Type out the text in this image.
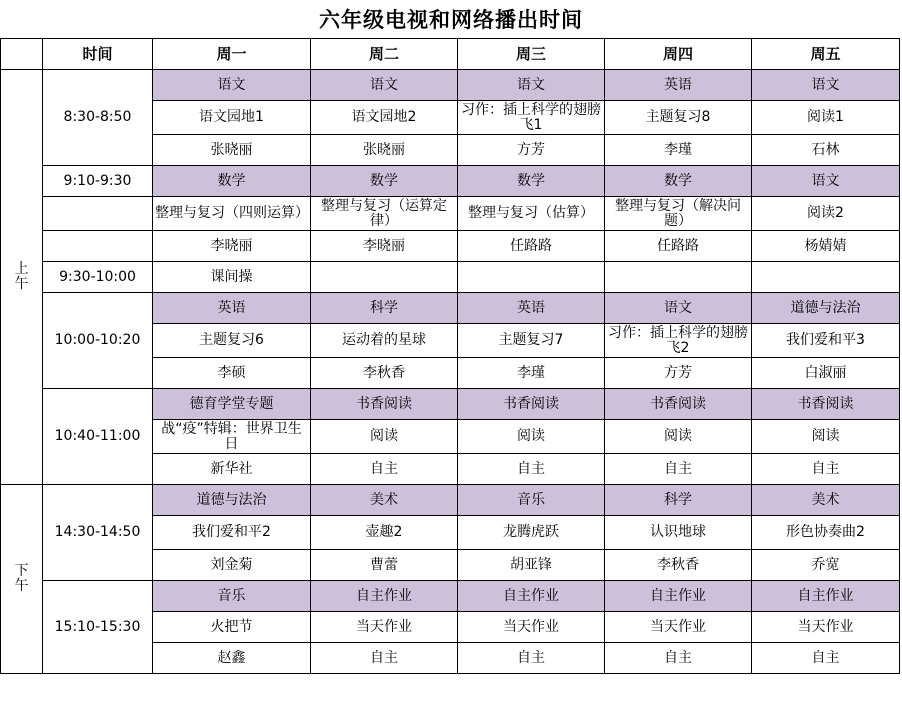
六年级电视和网络播出时间
	时间	周一	周二	周三	周四	周五

上
午	8:30-8:50	语文	语文	语文	英语	语文
		语文园地1	语文园地2	习作：插上科学的翅膀飞1	主题复习8	阅读1
		张晓丽	张晓丽	方芳	李瑾	石林
	9:10-9:30	数学	数学	数学	数学	语文
		整理与复习（四则运算）	整理与复习（运算定律）	整理与复习（估算）	整理与复习（解决问题）	阅读2
		李晓丽	李晓丽	任路路	任路路	杨婧婧
	9:30-10:00	课间操				
	10:00-10:20	英语	科学	英语	语文	道德与法治
		主题复习6	运动着的星球	主题复习7	习作：插上科学的翅膀飞2	我们爱和平3
		李硕	李秋香	李瑾	方芳	白淑丽
	10:40-11:00	德育学堂专题	书香阅读	书香阅读	书香阅读	书香阅读
		战“疫”特辑：世界卫生日	阅读	阅读	阅读	阅读
		新华社	自主	自主	自主	自主

下
午	14:30-14:50	道德与法治	美术	音乐	科学	美术
		我们爱和平2	壶趣2	龙腾虎跃	认识地球	形色协奏曲2
		刘金菊	曹蕾	胡亚锋	李秋香	乔宽
	15:10-15:30	音乐	自主作业	自主作业	自主作业	自主作业
		火把节	当天作业	当天作业	当天作业	当天作业
		赵鑫	自主	自主	自主	自主
